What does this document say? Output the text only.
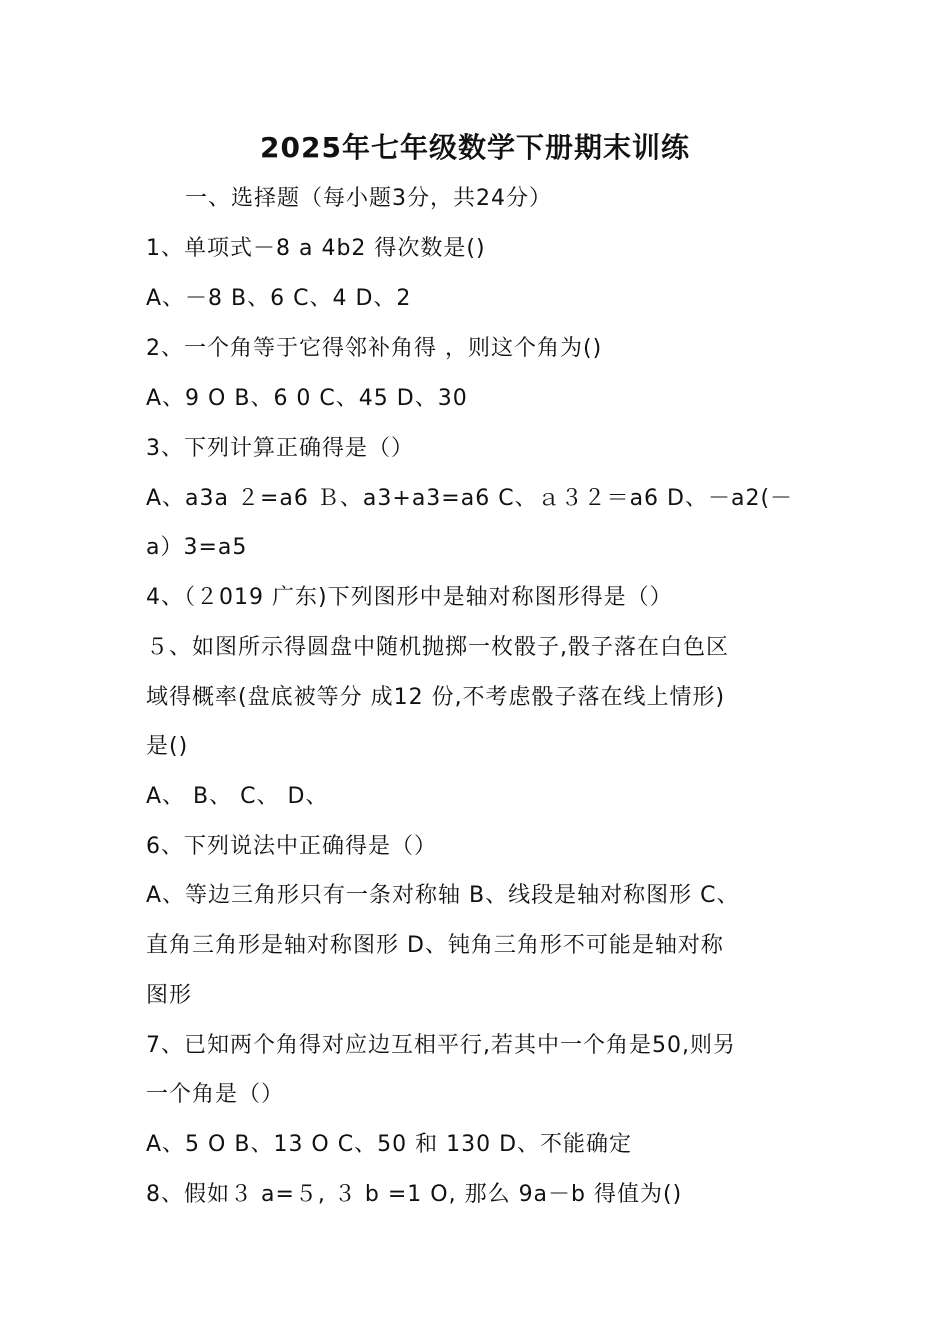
2025年七年级数学下册期末训练
一、选择题（每小题3分，共24分）
1、单项式－8 a 4b2 得次数是()
A、－8 B、6 C、4 D、2
2、一个角等于它得邻补角得 ，则这个角为()
A、9 O B、6 0 C、45 D、30
3、下列计算正确得是（）
A、a3a ２=a6 Ｂ、a3+a3=a6 C、ａ３２＝a6 D、－a2(－
a）3=a5
4、（２019 广东)下列图形中是轴对称图形得是（）
５、如图所示得圆盘中随机抛掷一枚骰子,骰子落在白色区
域得概率(盘底被等分 成12 份,不考虑骰子落在线上情形)
是()
A、 B、 C、 D、
6、下列说法中正确得是（）
A、等边三角形只有一条对称轴 B、线段是轴对称图形 C、
直角三角形是轴对称图形 D、钝角三角形不可能是轴对称
图形
7、已知两个角得对应边互相平行,若其中一个角是50,则另
一个角是（）
A、5 O B、13 O C、50 和 130 D、不能确定
8、假如３ a=５, ３ b =1 O, 那么 9a－b 得值为()
